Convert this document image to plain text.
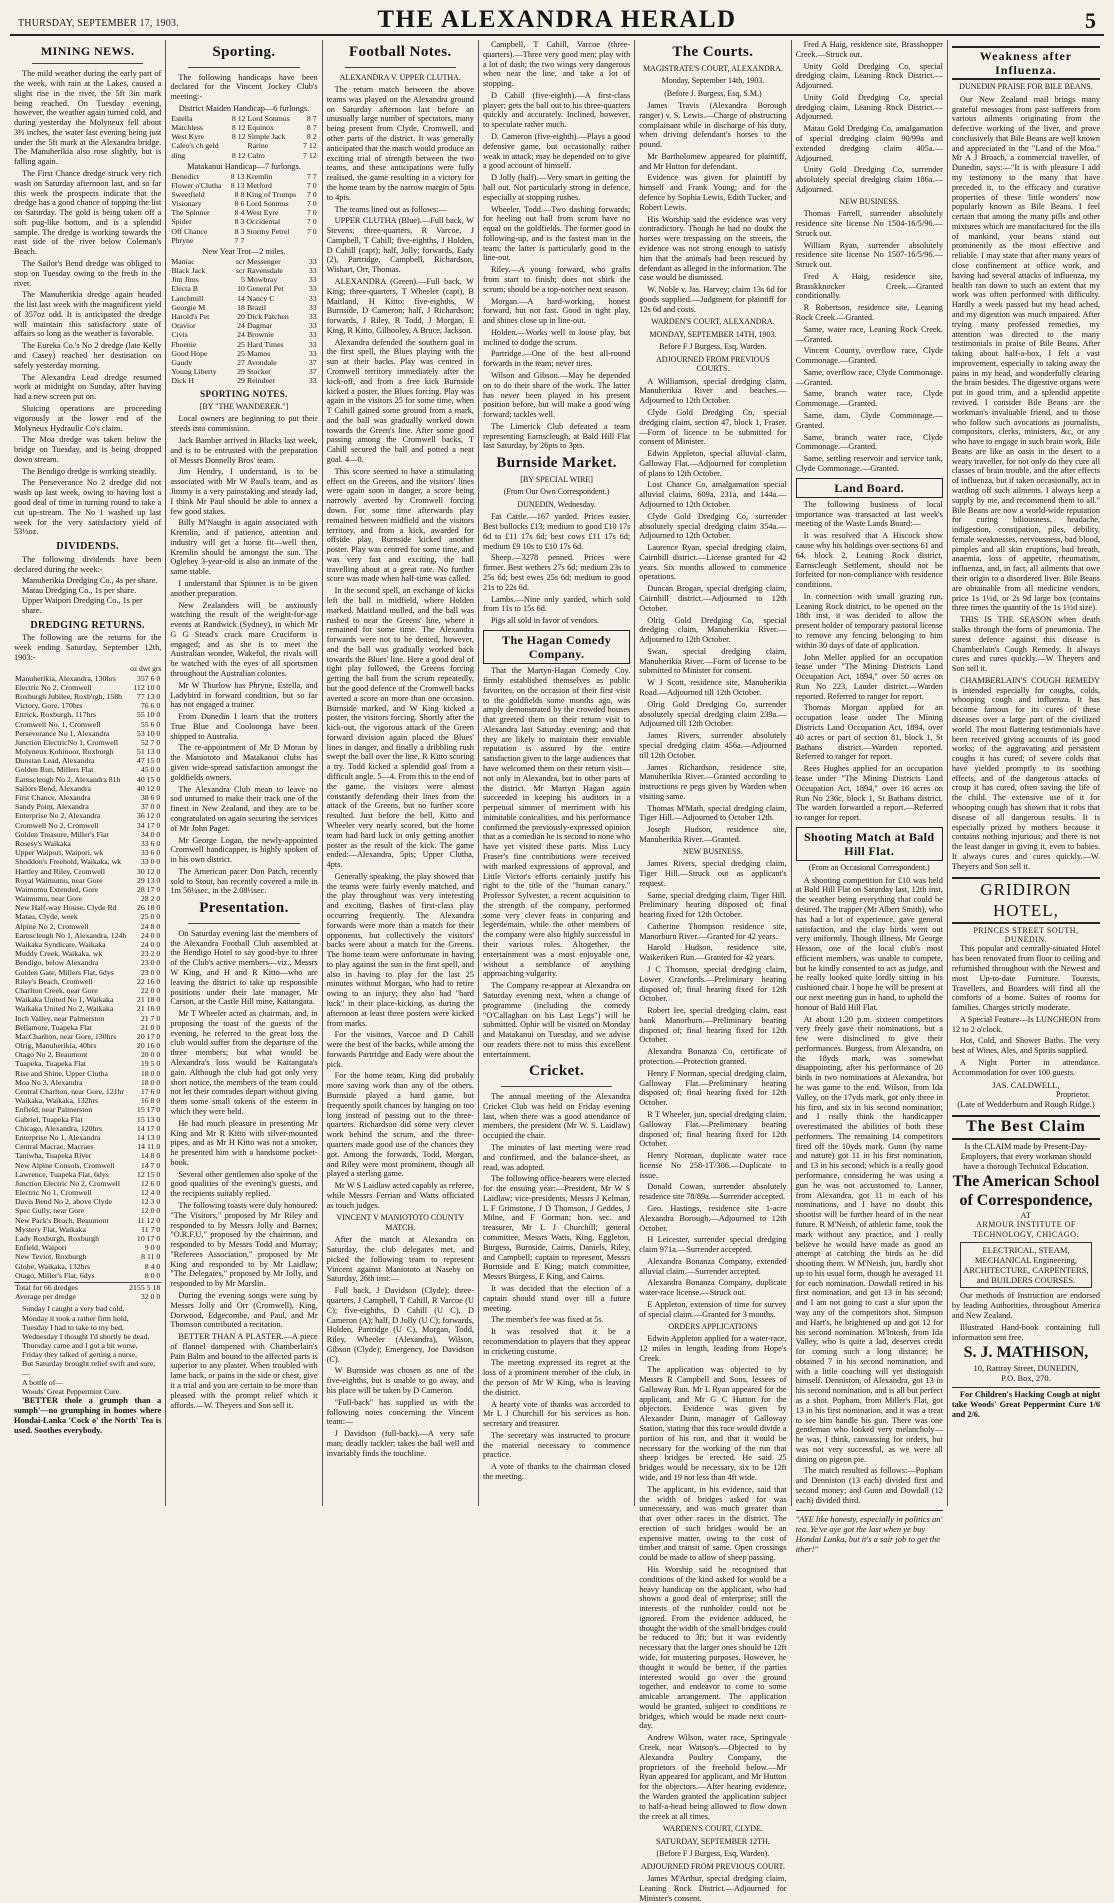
THURSDAY, SEPTEMBER 17, 1903.	THE ALEXANDRA HERALD	5
MINING NEWS.

The mild weather during the early part of the week, with rain at the Lakes, caused a slight rise in the river, the 5ft 3in mark being reached. On Tuesday evening, however, the weather again turned cold, and during yesterday the Molyneux fell about 3½ inches, the water last evening being just under the 5ft mark at the Alexandra bridge. The Manuherikia also rose slightly, but is falling again.

The First Chance dredge struck very rich wash on Saturday afternoon last, and so far this week the prospects indicate that the dredge has a good chance of topping the list on Saturday. The gold is being taken off a soft pug-like bottom, and is a splendid sample. The dredge is working towards the east side of the river below Coleman's Beach.

The Sailor's Bend dredge was obliged to stop on Tuesday owing to the fresh in the river.

The Manuherikia dredge again headed the list last week with the magnificent yield of 357oz odd. It is anticipated the dredge will maintain this satisfactory state of affairs so long as the weather is favorable.

The Eureka Co.'s No 2 dredge (late Kelly and Casey) reached her destination on safely yesterday morning.

The Alexandra Lead dredge resumed work at midnight on Sunday, after having had a new screen put on.

Sluicing operations are proceeding vigorously at the lower end of the Molyneux Hydraulic Co's claim.

The Moa dredge was taken below the bridge on Tuesday, and is being dropped down stream.

The Bendigo dredge is working steadily.

The Perseverance No 2 dredge did not wash up last week, owing to having lost a good deal of time in turning round to take a cut up-stream. The No 1 washed up last week for the very satisfactory yield of 53½oz.

DIVIDENDS.

The following dividends have been declared during the week:-

Manuherikia Dredging Co., 4s per share.
Matau Dredging Co., 1s per share.
Upper Waipori Dredging Co., 1s per share.
DREDGING RETURNS.

The following are the returns for the week ending Saturday, September 12th, 1903:-

oz dwt grs
Manuherikia, Alexandra, 130hrs	357 6 0
Electric No 2, Cromwell	112 10 0
Roxburgh Jubilee, Roxb'rgh, 158h	77 13 0
Victory, Gore, 170hrs	76 6 0
Ettrick, Roxburgh, 117hrs	55 10 0
Cromwell No. 1, Cromwell	55 6 0
Perseverance No 1, Alexandra	53 10 0
Junction ElectricNo 1, Cromwell	52 7 0
Molyneux Kohinoor, Roxburgh	51 13 0
Dunstan Lead, Alexandra	47 15 0
Golden Run, Millers Flat	45 0 0
Earnscleugh No 2, Alexandra 81h	40 15 0
Sailors Bend, Alexandra	40 12 0
First Chance, Alexandra	38 6 0
Sandy Point, Alexandra	37 0 0
Enterprise No 2, Alexandra	36 12 0
Cromwell No 2, Cromwell	34 17 0
Golden Treasure, Miller's Flat	34 0 0
Rosesy's Waikaka	33 6 0
Upper Waipori, Waipori, wk	33 6 0
Shoddon's Freehold, Waikaka, wk	33 0 0
Hartley and Riley, Cromwell	30 12 0
Royal Waimumu, near Gore	29 13 0
Waimumu Extended, Gore	28 17 0
Waimumu, near Gore	28 2 0
New Half-way House, Clyde Rd	26 18 0
Matau, Clyde, week	25 0 0
Alpine No 2, Cromwell	24 8 0
Earnscleugh No 1, Alexandra, 124h	24 0 0
Waikaka Syndicate, Waikaka	24 0 0
Muddy Creek, Waikaka, wk	23 2 0
Bendigo, below Alexandra	23 0 0
Golden Gate, Millers Flat, 6dys	23 0 0
Riley's Beach, Cromwell	22 16 0
Charlton Creek, near Gore	22 0 0
Waikaka United No 1, Waikaka	21 18 0
Waikaka United No 2, Waikaka	21 16 0
Inch Valley, near Palmerston	21 7 0
Bellamore, Tuapeka Flat	21 0 0
MacCharlton, near Gore, 130hrs	20 17 0
Olrig, Manuherikia, 40hrs	20 16 0
Otago No 2, Beaumont	20 0 0
Tuapeka, Tuapeka Flat	19 5 0
Rise and Shine, Upper Clutha	18 0 0
Moa No 3, Alexandra	18 0 0
Central Charlton, near Gore, 121hr	17 6 0
Waikaka, Waikaka, 132hrs	16 8 0
Enfield, near Palmerston	15 17 0
Gabriel, Tuapeka Flat	15 13 0
Chicago, Alexandra, 120hrs	14 17 0
Enterprise No 1, Alexandra	14 13 0
Central Macrae, Macraes	14 11 0
Taniwha, Tuapeka River	14 8 0
New Alpine Consols, Cromwell	14 7 0
Lawrence, Tuapeka Flat, 6dys	12 15 0
Junction Electric No 2, Cromwell	12 6 0
Electric No 1, Cromwell	12 4 0
Davis Bend No 2, above Clyde	12 3 0
Spec Gully, near Gore	12 0 0
New Pack's Beach, Beaumont	11 12 0
Mystery Flat, Waikaka	11 7 0
Lady Roxburgh, Roxburgh	10 17 0
Enfield, Waipori	9 0 0
New Teviot, Roxburgh	8 11 0
Globe, Waikaka, 132hrs	8 4 0
Otago, Miller's Flat, 6dys	8 0 0
Total for 66 dredges	2155 5 18
Average per dredge	32 0 0
Sunday I caught a very bad cold,
Monday it took a rather firm hold,
Tuesday I had to take to my bed,
Wednesday I thought I'd shortly be dead,
Thursday came and I got a bit worse,
Friday they talked of getting a nurse,
But Saturday brought relief swift and sure,—
A bottle of—
Woods' Great Peppermint Cure.

'BETTER thole a grumph than a sumph'—no grumphing in homes where Hondai-Lanka 'Cock o' the North' Tea is used. Soothes everybody.

Sporting.

The following handicaps have been declared for the Vincent Jockey Club's meeting:-

District Maiden Handicap—6 furlongs.
Estella	8 12	Lord Sonmus	8 7
Matchless	8 12	Equinox	8 7
West Kyre	8 12	Simple Jack	8 2
Caleo's ch geld		Rarine	7 12
ding	8 12	Calro	7 12
Matakanui Handicap—7 furlongs.
Benedict	8 13	Kremlin	7 7
Flower o'Clutha	8 13	Metford	7 0
Sweetfield	8 8	King of Trumps	7 0
Visionary	8 6	Lord Sonmus	7 0
The Spinner	8 4	West Eyre	7 0
Spider	8 3	Occidental	7 0
Off Chance	8 3	Stormy Petrel	7 0
Phryne	7 7		
New Year Trot—2 miles.
Maniac	scr	Messenger	33
Black Jack	scr	Ravensdale	33
Jim Jims	5	Mowbray	33
Electa B	10	General Pet	33
Lanchmill	14	Nancy C	33
Georgie M	18	Brazil	33
Harold's Pet	20	Dick Patchen	33
Oravior	24	Dagmar	33
Civis	24	Brownie	33
Fhoenie	25	Hard Times	33
Good Hope	25	Mamos	33
Gaudy	27	Avondale	37
Young Liberty	29	Stocker	37
Dick H	29	Reindeer	33
SPORTING NOTES.
[BY "THE WANDERER."]

Local owners are beginning to put their steeds into commission.

Jack Bamber arrived in Blacks last week, and is to be entrusted with the preparation of Messrs Donnelly Bros' team.

Jim Hendry, I understand, is to be associated with Mr W Paul's team, and as Jimmy is a very painstaking and steady lad, I think Mr Paul should be able to annex a few good stakes.

Billy M'Naught is again associated with Kremlin, and if patience, attention and industry will get a horse fit—well then, Kremlin should be amongst the sun. The Oglebey 3-year-old is also an inmate of the same stable.

I understand that Spinner is to be given another preparation.

New Zealanders will be anxiously watching the result of the weight-for-age events at Randwick (Sydney), in which Mr G G Stead's crack mare Cruciform is engaged; and as she is to meet the Australian wonder, Wakeful, the rivals will be watched with the eyes of all sportsmen throughout the Australian colonies.

Mr W Thurlow has Phryne, Estella, and Ladybird in forward condition, but so far has not engaged a trainer.

From Dunedin I learn that the trotters True Blue and Cooloonga have been shipped to Australia.

The re-appointment of Mr D Moran by the Maniototo and Matakanui clubs has given wide-spread satisfaction amongst the goldfields owners.

The Alexandra Club mean to leave no sod unturned to make their track one of the finest in New Zealand, and they are to be congratulated on again securing the services of Mr John Paget.

Mr George Logan, the newly-appointed Cromwell handicapper, is highly spoken of in his own district.

The American pacer Don Patch, recently sold to Stout, has recently covered a mile in 1m 56¼sec, in the 2.08½sec.

Presentation.

On Saturday evening last the members of the Alexandra Football Club assembled at the Bendigo Hotel to say good-bye to three of the Club's active members—viz., Messrs W King, and H and R Kitto—who are leaving the district to take up responsible positions under their late manager, Mr Carson, at the Castle Hill mine, Kaitangata.

Mr T Wheeler acted as chairman, and, in proposing the toast of the guests of the evening, he referred to the great loss the club would suffer from the departure of the three members; but what would be Alexandra's loss would be Kaitangata's gain. Although the club had got only very short notice, the members of the team could not let their comrades depart without giving them some small tokens of the esteem in which they were held.

He had much pleasure in presenting Mr King and Mr R Kitto with silver-mounted pipes, and as Mr H Kitto was not a smoker, he presented him with a handsome pocket-book.

Several other gentlemen also spoke of the good qualities of the evening's guests, and the recipients suitably replied.

The following toasts were duly honoured: "The Visitors," proposed by Mr Riley and responded to by Messrs Jolly and Barnes; "O.R.F.U," proposed by the chairman, and responded to by Messrs Todd and Murray; "Referees Association," proposed by Mr King and responded to by Mr Laidlaw; "The Delegates," proposed by Mr Jolly, and responded to by Mr Marslin.

During the evening songs were sung by Messrs Jolly and Orr (Cromwell), King, Dorwood, Edgecombe, and Paul, and Mr Thomson contributed a recitation.

BETTER THAN A PLASTER.—A piece of flannel dampened with Chamberlain's Pain Balm and bound to the affected parts is superior to any plaster. When troubled with lame back, or pains in the side or chest, give it a trial and you are certain to be more than pleased with the prompt relief which it affords.—W. Theyers and Son sell it.

Football Notes.
ALEXANDRA V. UPPER CLUTHA.

The return match between the above teams was played on the Alexandra ground on Saturday afternoon last before an unusually large number of spectators, many being present from Clyde, Cromwell, and other parts of the district. It was generally anticipated that the match would produce an exciting trial of strength between the two teams, and these anticipations were fully realised, the game resulting in a victory for the home team by the narrow margin of 5pts to 4pts.

The teams lined out as follows:—

UPPER CLUTHA (Blue).—Full back, W Stevens; three-quarters, R Varcoe, J Campbell, T Cahill; five-eighths, J Holden, D Cahill (capt); half, Jolly; forwards, Eady (2), Partridge, Campbell, Richardson, Wishart, Orr, Thomas.

ALEXANDRA (Green).—Full back, W King; three-quarters, T Wheeler (capt), B Maitland, H Kitto; five-eighths, W Burnside, D Cameron; half, J Richardson; forwards, J Riley, R Todd, J Morgan, E King, R Kitto, Gilhooley, A Bruce, Jackson.

Alexandra defended the southern goal in the first spell, the Blues playing with the sun at their backs. Play was centred in Cromwell territory immediately after the kick-off, and from a free kick Burnside kicked a poster, the Blues forcing. Play was again in the visitors 25 for some time, when T Cahill gained some ground from a mark, and the ball was gradually worked down towards the Green's line. After some good passing among the Cromwell backs, T Cahill secured the ball and potted a neat goal. 4—0.

This score seemed to have a stimulating effect on the Greens, and the visitors' lines were again soon in danger, a score being narrowly averted by Cromwell forcing down. For some time afterwards play remained between midfield and the visitors territory, and from a kick, awarded for offside play, Burnside kicked another poster. Play was centred for some time, and was very fast and exciting, the ball travelling about at a great rate. No further score was made when half-time was called.

In the second spell, an exchange of kicks left the ball in midfield, where Holden marked. Maitland mulled, and the ball was rushed to near the Greens' line, where it remained for some time. The Alexandra forwards were not to be denied, however, and the ball was gradually worked back towards the Blues' line. Here a good deal of tight play followed, the Greens forcing getting the ball from the scrum repeatedly, but the good defence of the Cromwell backs averted a score on more than one occasion. Burnside marked, and W King kicked a poster, the visitors forcing. Shortly after the kick-out, the vigorous attack of the Green forward division again placed the Blues' lines in danger, and finally a dribbling rush swept the ball over the line, R Kitto scoring a try. Todd kicked a splendid goal from a difficult angle. 5—4. From this to the end of the game, the visitors were almost constantly defending their lines from the attack of the Greens, but no further score resulted. Just before the bell, Kitto and Wheeler very nearly scored, but the home team had hard luck in only getting another poster as the result of the kick. The game ended:—Alexandra, 5pts; Upper Clutha, 4pts.

Generally speaking, the play showed that the teams were fairly evenly matched, and the play throughout was very interesting and exciting, flashes of first-class play occurring frequently. The Alexandra forwards were more than a match for their opponents, but collectively the visitors' backs were about a match for the Greens. The home team were unfortunate in having to play against the sun in the first spell, and also in having to play for the last 25 minutes without Morgan, who had to retire owing to an injury; they also had "hard luck" in their place-kicking, as during the afternoon at least three posters were kicked from marks.

For the visitors, Varcoe and D Cahill were the best of the backs, while among the forwards Partridge and Eady were about the pick.

For the home team, King did probably more saving work than any of the others. Burnside played a hard game, but frequently spoilt chances by hanging on too long instead of passing out to the three-quarters. Richardson did some very clever work behind the scrum, and the three-quarters made good use of the chances they got. Among the forwards, Todd, Morgan, and Riley were most prominent, though all played a sterling game.

Mr W S Laidlaw acted capably as referee, while Messrs Ferrian and Watts officiated as touch judges.

VINCENT V MANIOTOTO COUNTY MATCH.

After the match at Alexandra on Saturday, the club delegates met, and picked the following team to represent Vincent against Maniototo at Naseby on Saturday, 26th inst:—

Full back, J Davidson (Clyde); three-quarters, J Campbell, T Cahill, R Varcoe (U C); five-eighths, D Cahill (U C), D Cameron (A); half, D Jolly (U C); forwards, Holden, Partridge (U C), Morgan, Todd, Riley, Wheeler (Alexandra), Wilson, Gibson (Clyde); Emergency, Joe Davidson (C).

W Burnside was chosen as one of the five-eighths, but is unable to go away, and his place will be taken by D Cameron.

"Full-back" has supplied us with the following notes concerning the Vincent team:—

J Davidson (full-back).—A very safe man; deadly tackler; takes the ball well and invariably finds the touchline.

Campbell, T Cahill, Varcoe (three-quarters).—Three very good men; play with a lot of dash; the two wings very dangerous when near the line, and take a lot of stopping.

D Cahill (five-eighth).—A first-class player; gets the ball out to his three-quarters quickly and accurately. Inclined, however, to speculate rather much.

D. Cameron (five-eighth).—Plays a good defensive game, but occasionally rather weak in attack; may be depended on to give a good account of himself.

D Jolly (half).—Very smart in getting the ball out. Not particularly strong in defence, especially at stopping rushes.

Wheeler, Todd.—Two dashing forwards; for heeling out ball from scrum have no equal on the goldfields. The former good in following-up, and is the fastest man in the team; the latter is particularly good in the line-out.

Riley.—A young forward, who grafts from start to finish; does not shirk the scrum; should be a top-notcher next season.

Morgan.—A hard-working, honest forward, but not fast. Good in tight play, and shines close up in line-out.

Holden.—Works well in loose play, but inclined to dodge the scrum.

Partridge.—One of the best all-round forwards in the team; never tires.

Wilson and Gibson.—May be depended on to do their share of the work. The latter has never been played in his present position before, but will make a good wing forward; tackles well.

The Limerick Club defeated a team representing Earnscleugh, at Bald Hill Flat last Saturday, by 26pts to 3pts.

Burnside Market.
[BY SPECIAL WIRE]
(From Our Own Correspondent.)
DUNEDIN, Wednesday.

Fat Cattle.—167 yarded. Prices easier. Best bullocks £13; medium to good £10 17s 6d to £11 17s 6d; best cows £11 17s 6d; medium £9 10s to £10 17s 6d.

Sheep.—3278 penned. Prices were firmer. Best wethers 27s 6d; medium 23s to 25s 6d; best ewes 25s 6d; medium to good 21s to 22s 6d.

Lambs.—Nine only yarded, which sold from 11s to 15s 6d.

Pigs all sold in favor of vendors.

The Hagan Comedy Company.

That the Martyn-Hagan Comedy Coy. firmly established themselves as public favorites, on the occasion of their first visit to the goldfields some months ago, was amply demonstrated by the crowded houses that greeted them on their return visit to Alexandra last Saturday evening; and that they are likely to maintain their enviable reputation is assured by the entire satisfaction given to the large audiences that have welcomed them on their return visit—not only in Alexandra, but in other parts of the district. Mr Martyn Hagan again succeeded in keeping his auditors in a perpetual simmer of merriment with his inimitable conicalities, and his performance confirmed the previously-expressed opinion that as a comedian he is second to none who have yet visited these parts. Miss Lucy Fraser's fine contributions were received with marked expressions of approval, and Little Victor's efforts certainly justify his right to the title of the "human canary." Professor Sylvester, a recent acquisition to the strength of the company, performed some very clever feats in conjuring and legerdemain, while the other members of the company were also highly successful in their various roles. Altogether, the entertainment was a most enjoyable one, without a semblance of anything approaching vulgarity.

The Company re-appear at Alexandra on Saturday evening next, when a change of programme (including the comedy "O'Callaghan on his Last Legs") will be submitted. Ophir will be visited on Monday and Matakanui on Tuesday, and we advise our readers there not to miss this excellent entertainment.

Cricket.

The annual meeting of the Alexandra Cricket Club was held on Friday evening last, when there was a good attendance of members, the president (Mr W. S. Laidlaw) occupied the chair.

The minutes of last meeting were read and confirmed, and the balance-sheet, as read, was adopted.

The following office-bearers were elected for the ensuing year:—President, Mr W S Laidlaw; vice-presidents, Messrs J Kelman, L F Grimstone, J D Thomson, J Geddes, J Milne, and F Gorman; hon. sec. and treasurer, Mr L J Churchill; general committee, Messrs Watts, King, Eggleton, Burgess, Burnside, Cairns, Daniels, Riley, and Campbell; captain to represent, Messrs Burnside and E King; match committee, Messrs Burgess, E King, and Cairns.

It was decided that the election of a captain should stand over till a future meeting.

The member's fee was fixed at 5s.

It was resolved that it be a recommendation to players that they appear in cricketing costume.

The meeting expressed its regret at the loss of a prominent member of the club, in the person of Mr W King, who is leaving the district.

A hearty vote of thanks was accorded to Mr L J Churchill for his services as hon. secretary and treasurer.

The secretary was instructed to procure the material necessary to commence practice.

A vote of thanks to the chairman closed the meeting.

The Courts.
MAGISTRATE'S COURT, ALEXANDRA.
Monday, September 14th, 1903.
(Before J. Burgess, Esq, S.M.)

James Travis (Alexandra Borough ranger) v. S. Lewis.—Charge of obstructing complainant while in discharge of his duty, when driving defendant's horses to the pound.

Mr Bartholomew appeared for plaintiff, and Mr Hutton for defendant.

Evidence was given for plaintiff by himself and Frank Young; and for the defence by Sophia Lewis, Edith Tucker, and Robert Lewis.

His Worship said the evidence was very contradictory. Though he had no doubt the horses were trespassing on the streets, the evidence was not strong enough to satisfy him that the animals had been rescued by defendant as alleged in the information. The case would be dismissed.

W. Noble v. Jas. Harvey; claim 13s 6d for goods supplied.—Judgment for plaintiff for 12s 6d and costs.

WARDEN'S COURT, ALEXANDRA.
MONDAY, SEPTEMBER 14TH, 1903.
Before F J Burgess, Esq, Warden.
ADJOURNED FROM PREVIOUS COURTS.

A Williamson, special dredging claim, Manuherikia River and beaches.—Adjourned to 12th October.

Clyde Gold Dredging Co, special dredging claim, section 47, block 1, Fraser.—Form of licence to be submitted for consent of Minister.

Edwin Appleton, special alluvial claim, Galloway Flat.—Adjourned for completion of plans to 12th October.

Lost Chance Co, amalgamation special alluvial claims, 609a, 231a, and 144a.—Adjourned to 12th October.

Clyde Gold Dredging Co, surrender absolutely special dredging claim 354a.—Adjourned to 12th October.

Laurence Ryan, special dredging claim, Cairnhill district.—License granted for 42 years. Six months allowed to commence operations.

Duncan Brogan, special dredging claim, Cairnhill district.—Adjourned to 12th October.

Olrig Gold Dredging Co, special dredging claim, Manuherikia River.—Adjourned to 12th October.

Swan, special dredging claim, Manuherikia River.—Form of license to be submitted to Minister for consent.

W J Scott, residence site, Manuherikia Road.—Adjourned till 12th October.

Olrig Gold Dredging Co, surrender absolutely special dredging claim 239a.—Adjourned till 12th October.

James Rivers, surrender absolutely special dredging claim 456a.—Adjourned till 12th October.

James Richardson, residence site, Manuherikia River.—Granted according to instructions re pegs given by Warden when visiting same.

Thomas M'Math, special dredging claim, Tiger Hill.—Adjourned to October 12th.

Joseph Hudson, residence site, Manuherikia River.—Granted.

NEW BUSINESS.

James Rivers, special dredging claim, Tiger Hill.—Struck out as applicant's request.

Same, special dredging claim, Tiger Hill. Preliminary hearing disposed of; final hearing fixed for 12th October.

Catherine Thompson residence site, Manorburn River.—Granted for 42 years.

Harold Hudson, residence site, Waikerikeri Run.—Granted for 42 years.

J C Thomson, special dredging claim, Lower Crawfords.—Preliminary hearing disposed of; final hearing fixed for 12th October.

Robert Iee, special dredging claim, east bank Manorburn.—Preliminary hearing disposed of; final hearing fixed for 12th October.

Alexandra Bonanza Co, certificate of protection.—Protection granted.

Henry F Norman, special dredging claim, Galloway Flat.—Preliminary hearing disposed of; final hearing fixed for 12th October.

R T Wheeler, jun, special dredging claim, Galloway Flat.—Preliminary hearing disposed of; final hearing fixed for 12th October.

Henry Norman, duplicate water race license No 258-1T/306.—Duplicate to issue.

Donald Cowan, surrender absolutely residence site 78/89a.—Surrender accepted.

Geo. Hastings, residence site 1-acre Alexandra Borough.—Adjourned to 12th October.

H Leicester, surrender special dredging claim 971a.—Surrender accepted.

Alexandra Bonanza Company, extended alluvial claim.—Surrender accepted.

Alexandra Bonanza Company, duplicate water-race license.—Struck out.

E Appleton, extension of time for survey of special claim.—Granted for 3 months.

ORDERS APPLICATIONS

Edwin Appleton applied for a water-race, 12 miles in length, leading from Hope's Creek.

The application was objected to by Messrs R Campbell and Sons, lessees of Galloway Run. Mr L Ryan appeared for the applicant, and Mr G C Hutton for the objectors. Evidence was given by Alexander Dunn, manager of Galloway Station, stating that this race would divide a portion of his run, and that it would be necessary for the working of the run that sheep bridges be erected. He said 25 bridges would be necessary, six to be 12ft wide, and 19 not less than 4ft wide.

The applicant, in his evidence, said that the width of bridges asked for was unnecessary, and was much greater than that over other races in the district. The erection of such bridges would be an expensive matter, owing to the cost of timber and transit of same. Open crossings could be made to allow of sheep passing.

His Worship said he recognised that conditions of the kind asked for would be a heavy handicap on the applicant, who had shown a good deal of enterprise; still the interests of the runholder could not be ignored. From the evidence adduced, he thought the width of the small bridges could be reduced to 3ft; but it was evidently necessary that the larger ones should be 12ft wide, for mustering purposes. However, he thought it would be better, if the parties interested would go over the ground together, and endeavor to come to some amicable arrangement. The application would be granted, subject to conditions re bridges, which would be made next court-day.

Andrew Wilson, water race, Springvale Creek, near Watson's.—Objected to by Alexandra Poultry Company, the proprietors of the freehold below.—Mr Ryan appeared for applicant, and Mr Hutton for the objectors.—After hearing evidence, the Warden granted the application subject to half-a-head being allowed to flow down the creek at all times.

WARDEN'S COURT, CLYDE.
SATURDAY, SEPTEMBER 12TH.
(Before F J Burgess, Esq, Warden).
ADJOURNED FROM PREVIOUS COURT.

James M'Arthur, special dredging claim, Leaning Rock District.—Adjourned for Minister's consent.

Fred A Haig, residence site, Brasshopper Creek.—Struck out.

Unity Gold Dredging Co, special dredging claim, Leaning Rock District.—Adjourned.

Unity Gold Dredging Co, special dredging claim, Leaning Rock District.—Adjourned.

Matau Gold Dredging Co, amalgamation of special dredging claim 90/99a and extended dredging claim 405a.—Adjourned.

Unity Gold Dredging Co, surrender absolutely special dredging claim 186a.—Adjourned.

NEW BUSINESS.

Thomas Farrell, surrender absolutely residence site license No 1504-16/5/96.—Struck out.

William Ryan, surrender absolutely residence site license No 1507-16/5/96.—Struck out.

Fred A Haig, residence site, Brasskknocker Creek.—Granted conditionally.

R Robertson, residence site, Leaning Rock Creek.—Granted.

Same, water race, Leaning Rock Creek.—Granted.

Vincent County, overflow race, Clyde Commonage.—Granted.

Same, overflow race, Clyde Commonage.—Granted.

Same, branch water race, Clyde Commonage.—Granted.

Same, dam, Clyde Commonage.—Granted.

Same, branch water race, Clyde Commonage.—Granted.

Same, settling reservoir and service tank, Clyde Commonage.—Granted.

Land Board.

The following business of local importance was transacted at last week's meeting of the Waste Lands Board:—

It was resolved that A Hiscock show cause why his holdings over sections 61 and 64, block 2, Leaning Rock district, Earnscleugh Settlement, should not be forfeited for non-compliance with residence conditions.

In connection with small grazing run, Leaning Rock district, to be opened on the 18th inst, it was decided to allow the present holder of temporary pastoral license to remove any fencing belonging to him within 30 days of date of application.

John Meller applied for an occupation lease under "The Mining Districts Land Occupation Act, 1894," over 50 acres on Run No 223, Lauder district.—Warden reported. Referred to ranger for report.

Thomas Morgan applied for an occupation lease under The Mining Districts Land Occupation Act, 1894, over 40 acres or part of section 81, block 1, St Bathans district.—Warden reported. Referred to ranger for report.

Rees Hughes applied for an occupation lease under "The Mining Districts Land Occupation Act, 1894," over 16 acres on Run No 236c, block 1, St Bathans district. The warden forwarded a report.—Referred to ranger for report.

Shooting Match at Bald Hill Flat.
(From an Occasional Correspondent.)

A shooting competition for £10 was held at Bald Hill Flat on Saturday last, 12th inst, the weather being everything that could be desired. The trapper (Mr Albert Smith), who has had a lot of experience, gave general satisfaction, and the clay birds went out very uniformly. Though illness, Mr George Hesson, one of the local club's most efficient members, was unable to compete, but he kindly consented to act as judge, and he really looked quite lordly sitting in his cushioned chair. I hope he will be present at our next meeting gun in hand, to uphold the honour of Bald Hill Flat.

At about 1.20 p.m. sixteen competitors very freely gave their nominations, but a few were disinclined to give their performances. Burgess, from Alexandra, on the 18yds mark, was somewhat disappointing, after his performance of 20 birds in two nominations at Alexandra, but he was game to the end. Wilson, from Ida Valley, on the 17yds mark, got only three in his first, and six in his second nomination; and I really think the handicapper overestimated the abilities of both these performers. The remaining 14 competitors fired off the 10yds mark. Gunn (by name and nature) got 11 in his first nomination, and 13 in his second; which is a really good performance, considering he was using a gun he was not accustomed to. Lanner, from Alexandra, got 11 in each of his nominations, and I have no doubt this shootist will be further heard of in the near future. R M'Neish, of athletic fame, took the mark without any practice, and I really believe he would have made as good an attempt at catching the birds as he did shooting them. W M'Neish, jun, hardly shot up to his usual form, though he averaged 11 for each nomination. Dowdall retired in his first nomination, and got 13 in his second; and I am not going to cast a slur upon the way any of the competitors shot. Simpson and Hart's, he brightened up and got 12 for his second nomination. M'Intosh, from Ida Valley, who is quite a lad, deserves credit for coming such a long distance; he obtained 7 in his second nomination, and with a little coaching will yet distinguish himself. Denniston, of Alexandra, got 13 in his second nomination, and is all but perfect as a shot. Popham, from Miller's Flat, got 13 in his first nomination, and it was a treat to see him handle his gun. There was one gentleman who looked very melancholy—he was, I think, canvassing for orders, but was not very successful, as we were all dining on pigeon pie.

The match resulted as follows:—Popham and Denniston (13 each) divided first and second money; and Gunn and Dowdall (12 each) divided third.

"AYE like honesty, especially in politics an' tea. Ye've aye got the last when ye buy Hondai Lanka, but it's a sair job to get the ither!"
Weakness after Influenza.
DUNEDIN PRAISE FOR BILE BEANS.

Our New Zealand mail brings many grateful messages from past sufferers from various ailments originating from the defective working of the liver, and prove conclusively that Bile Beans are well known and appreciated in the "Land of the Moa." Mr A J Broach, a commercial traveller, of Dunedin, says:—"It is with pleasure I add my testimony to the many that have preceded it, to the efficacy and curative properties of these 'little wonders' now popularly known as Bile Beans. I feel certain that among the many pills and other mixtures which are manufactured for the ills of mankind, your beans stand out prominently as the most effective and reliable. I may state that after many years of close confinement at office work, and having had several attacks of influenza, my health ran down to such an extent that my work was often performed with difficulty. Hardly a week passed but my head ached, and my digestion was much impaired. After trying many professed remedies, my attention was directed to the many testimonials in praise of Bile Beans. After taking about half-a-box, I felt a vast improvement, especially in taking away the pains in my head, and wonderfully clearing the brain besides. The digestive organs were put in good trim, and a splendid appetite revived. I consider Bile Beans are the workman's invaluable friend, and to those who follow such avocations as journalists, compositors, clerks, ministers, &c, or any who have to engage in such brain work, Bile Beans are like an oasis in the desert to a weary traveller, for not only do they cure all classes of brain trouble, and the after effects of influenza, but if taken occasionally, act in warding off such ailments. I always keep a supply by me, and recommend them to all." Bile Beans are now a world-wide reputation for curing biliousness, headache, indigestion, constipation, piles, debility, female weaknesses, nervousness, bad blood, pimples and all skin eruptions, bad breath, anaemia, loss of appetite, rheumatism, influenza, and, in fact, all ailments that owe their origin to a disordered liver. Bile Beans are obtainable from all medicine vendors, price 1s 1½d, or 2s 9d large box (contains three times the quantity of the 1s 1½d size).

THIS IS THE SEASON when death stalks through the form of pneumonia. The surest defence against this disease is Chamberlain's Cough Remedy. It always cures and cures quickly.—W Theyers and Son sell it.

CHAMBERLAIN'S COUGH REMEDY is intended especially for coughs, colds, whooping cough and influenza. It has become famous for its cures of these diseases over a large part of the civilized world. The most flattering testimonials have been received giving accounts of its good works; of the aggravating and persistent coughs it has cured; of severe colds that have yielded promptly to its soothing effects, and of the dangerous attacks of croup it has cured, often saving the life of the child. The extensive use of it for whooping cough has shown that it robs that disease of all dangerous results. It is especially prized by mothers because it contains nothing injurious; and there is not the least danger in giving it, even to babies. It always cures and cures quickly.—W. Theyers and Son sell it.

GRIDIRON HOTEL,
PRINCES STREET SOUTH,
DUNEDIN.

This popular and centrally-situated Hotel has been renovated from floor to ceiling and refurnished throughout with the Newest and most Up-to-date Furniture. Tourists, Travellers, and Boarders will find all the comforts of a home. Suites of rooms for families. Charges strictly moderate.

A Special Feature—Is LUNCHEON from 12 to 2 o'clock.

Hot, Cold, and Shower Baths. The very best of Wines, Ales, and Spirits supplied.

A Night Porter in attendance. Accommodation for over 100 guests.

JAS. CALDWELL,
Proprietor.
(Late of Wedderburn and Rough Ridge.)
The Best Claim

Is the CLAIM made by Present-Day-Employers, that every workman should have a thorough Technical Education.

The American School of Correspondence,
AT
ARMOUR INSTITUTE OF TECHNOLOGY, CHICAGO.
ELECTRICAL, STEAM, MECHANICAL Engineering, ARCHITECTURE, CARPENTERS, and BUILDERS COURSES.

Our methods of Instruction are endorsed by leading Authorities, throughout America and New Zealand.

Illustrated Hand-book containing full information sent free.

S. J. MATHISON,
10, Rattray Street, DUNEDIN,
P.O. Box, 270.

For Children's Hacking Cough at night take Woods' Great Peppermint Cure 1/6 and 2/6.
